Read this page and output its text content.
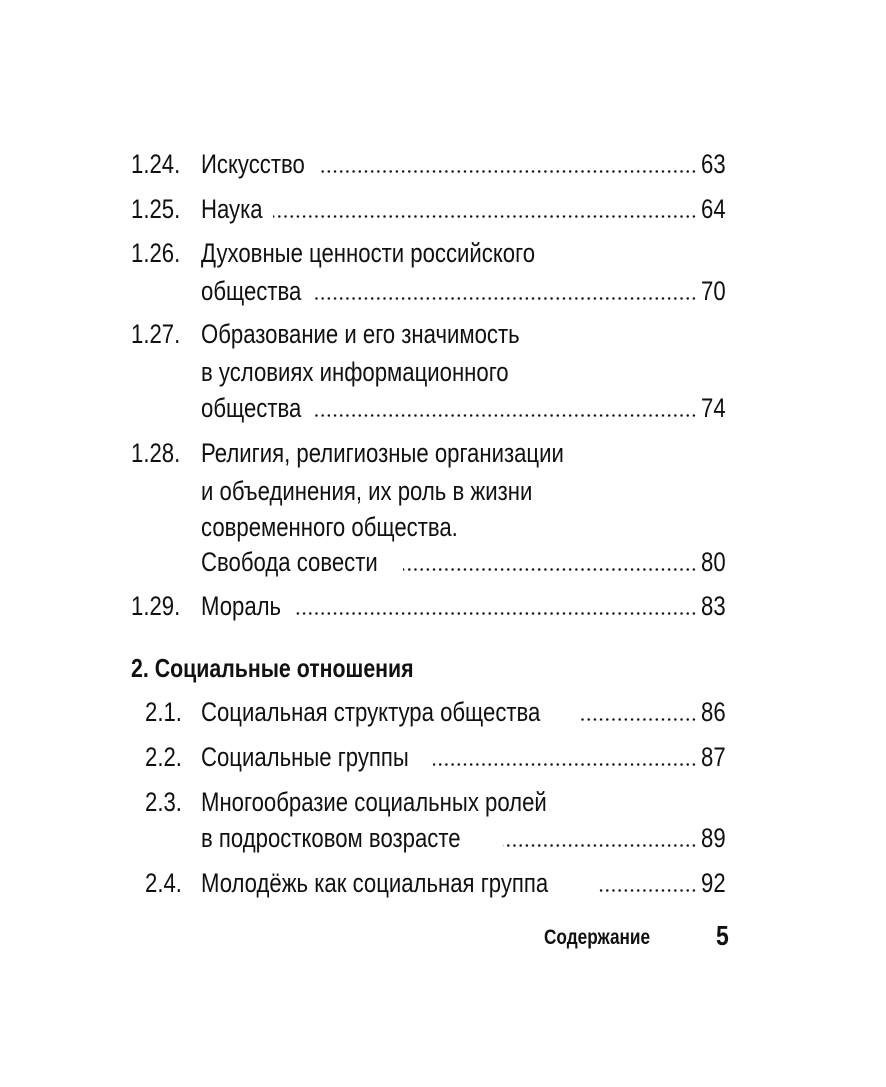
1.24. Искусство	63
1.25. Наука	64
1.26. Духовные ценности российского
общества	70
1.27. Образование и его значимость
в условиях информационного
общества	74
1.28. Религия, религиозные организации
и объединения, их роль в жизни
современного общества.
Свобода совести	80
1.29. Мораль	83
2. Социальные отношения
2.1. Социальная структура общества	86
2.2. Социальные группы	87
2.3. Многообразие социальных ролей
в подростковом возрасте	89
2.4. Молодёжь как социальная группа	92
Содержание	5
